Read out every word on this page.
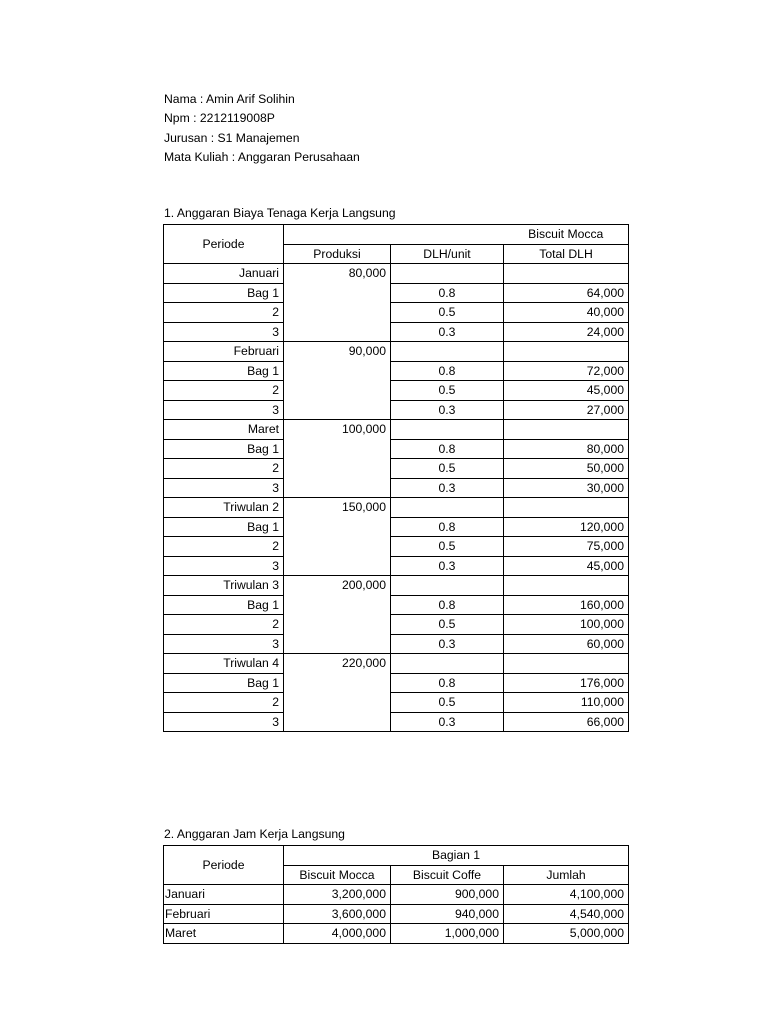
Nama : Amin Arif Solihin
Npm : 2212119008P
Jurusan : S1 Manajemen
Mata Kuliah : Anggaran Perusahaan
1. Anggaran Biaya Tenaga Kerja Langsung
Periode			Biscuit Mocca
	Produksi	DLH/unit	Total DLH
Januari	80,000		
Bag 1		0.8	64,000
2		0.5	40,000
3		0.3	24,000
Februari	90,000		
Bag 1		0.8	72,000
2		0.5	45,000
3		0.3	27,000
Maret	100,000		
Bag 1		0.8	80,000
2		0.5	50,000
3		0.3	30,000
Triwulan 2	150,000		
Bag 1		0.8	120,000
2		0.5	75,000
3		0.3	45,000
Triwulan 3	200,000		
Bag 1		0.8	160,000
2		0.5	100,000
3		0.3	60,000
Triwulan 4	220,000		
Bag 1		0.8	176,000
2		0.5	110,000
3		0.3	66,000
2. Anggaran Jam Kerja Langsung
Periode	Bagian 1		
	Biscuit Mocca	Biscuit Coffe	Jumlah
Januari	3,200,000	900,000	4,100,000
Februari	3,600,000	940,000	4,540,000
Maret	4,000,000	1,000,000	5,000,000
